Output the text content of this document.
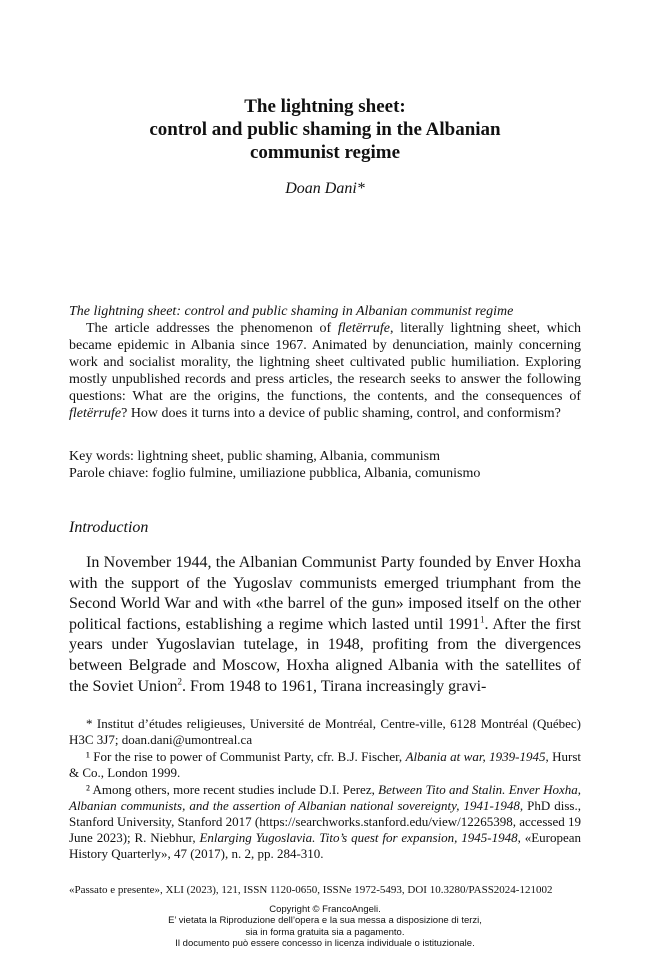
The lightning sheet:
control and public shaming in the Albanian
communist regime
Doan Dani*
The lightning sheet: control and public shaming in Albanian communist regime

The article addresses the phenomenon of fletërrufe, literally lightning sheet, which became epidemic in Albania since 1967. Animated by denunciation, mainly concerning work and socialist morality, the lightning sheet cultivated public humiliation. Exploring mostly unpublished records and press articles, the research seeks to answer the following questions: What are the origins, the functions, the contents, and the consequences of fletërrufe? How does it turns into a device of public shaming, control, and conformism?

Key words: lightning sheet, public shaming, Albania, communism
Parole chiave: foglio fulmine, umiliazione pubblica, Albania, comunismo
Introduction

In November 1944, the Albanian Communist Party founded by Enver Hoxha with the support of the Yugoslav communists emerged triumphant from the Second World War and with «the barrel of the gun» imposed itself on the other political factions, establishing a regime which lasted until 1991$^1$. After the first years under Yugoslavian tutelage, in 1948, profiting from the divergences between Belgrade and Moscow, Hoxha aligned Albania with the satellites of the Soviet Union$^2$. From 1948 to 1961, Tirana increasingly gravi-

* Institut d’études religieuses, Université de Montréal, Centre-ville, 6128 Montréal (Québec) H3C 3J7; doan.dani@umontreal.ca

¹ For the rise to power of Communist Party, cfr. B.J. Fischer, Albania at war, 1939-1945, Hurst & Co., London 1999.

² Among others, more recent studies include D.I. Perez, Between Tito and Stalin. Enver Hoxha, Albanian communists, and the assertion of Albanian national sovereignty, 1941-1948, PhD diss., Stanford University, Stanford 2017 (https://searchworks.stanford.edu/view/12265398, accessed 19 June 2023); R. Niebhur, Enlarging Yugoslavia. Tito’s quest for expansion, 1945-1948, «European History Quarterly», 47 (2017), n. 2, pp. 284-310.

«Passato e presente», XLI (2023), 121, ISSN 1120-0650, ISSNe 1972-5493, DOI 10.3280/PASS2024-121002
Copyright © FrancoAngeli.
E’ vietata la Riproduzione dell’opera e la sua messa a disposizione di terzi,
sia in forma gratuita sia a pagamento.
Il documento può essere concesso in licenza individuale o istituzionale.
